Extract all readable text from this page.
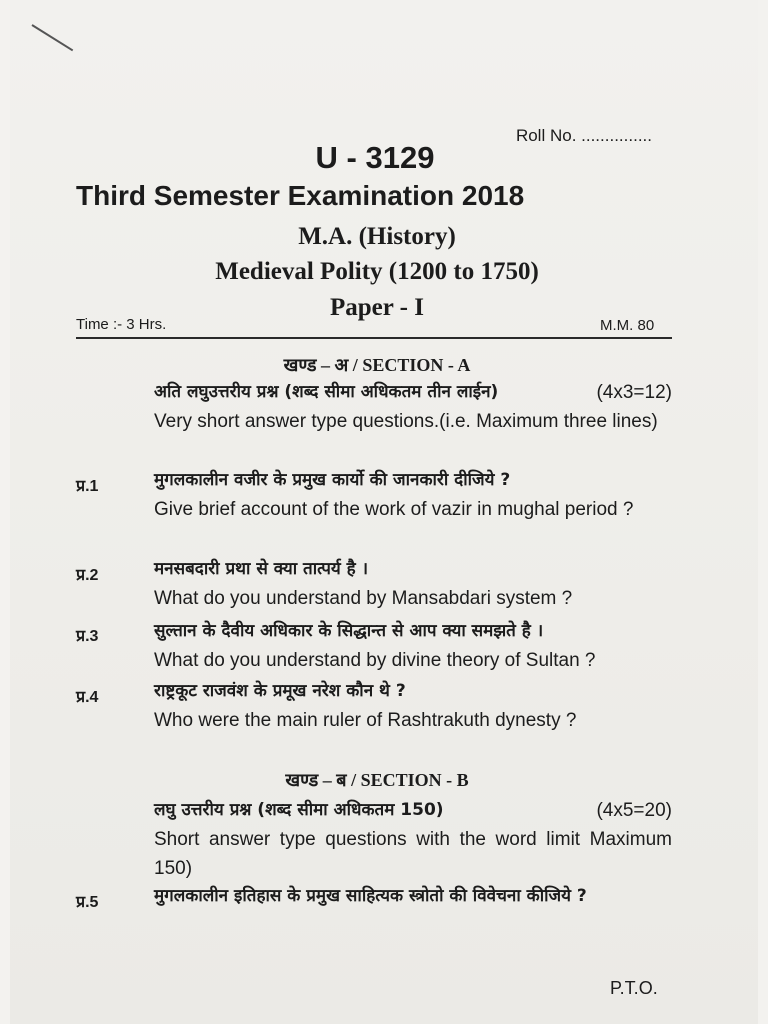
Roll No. ...............
U - 3129
Third Semester Examination 2018
M.A. (History)
Medieval Polity (1200 to 1750)
Paper - I
Time :- 3 Hrs.	M.M. 80
खण्ड – अ / SECTION - A
अति लघुउत्तरीय प्रश्न (शब्द सीमा अधिकतम तीन लाईन)	(4x3=12)
Very short answer type questions.(i.e. Maximum three lines)
प्र.1	मुगलकालीन वजीर के प्रमुख कार्यो की जानकारी दीजिये ?
Give brief account of the work of vazir in mughal period ?
प्र.2	मनसबदारी प्रथा से क्या तात्पर्य है ।
What do you understand by Mansabdari system ?
प्र.3	सुल्तान के दैवीय अधिकार के सिद्धान्त से आप क्या समझते है ।
What do you understand by divine theory of Sultan ?
प्र.4	राष्ट्रकूट राजवंश के प्रमूख नरेश कौन थे ?
Who were the main ruler of Rashtrakuth dynesty ?
खण्ड – ब / SECTION - B
लघु उत्तरीय प्रश्न (शब्द सीमा अधिकतम 150)	(4x5=20)
Short answer type questions with the word limit Maximum 150)
प्र.5	मुगलकालीन इतिहास के प्रमुख साहित्यक स्त्रोतो की विवेचना कीजिये ?
P.T.O.
